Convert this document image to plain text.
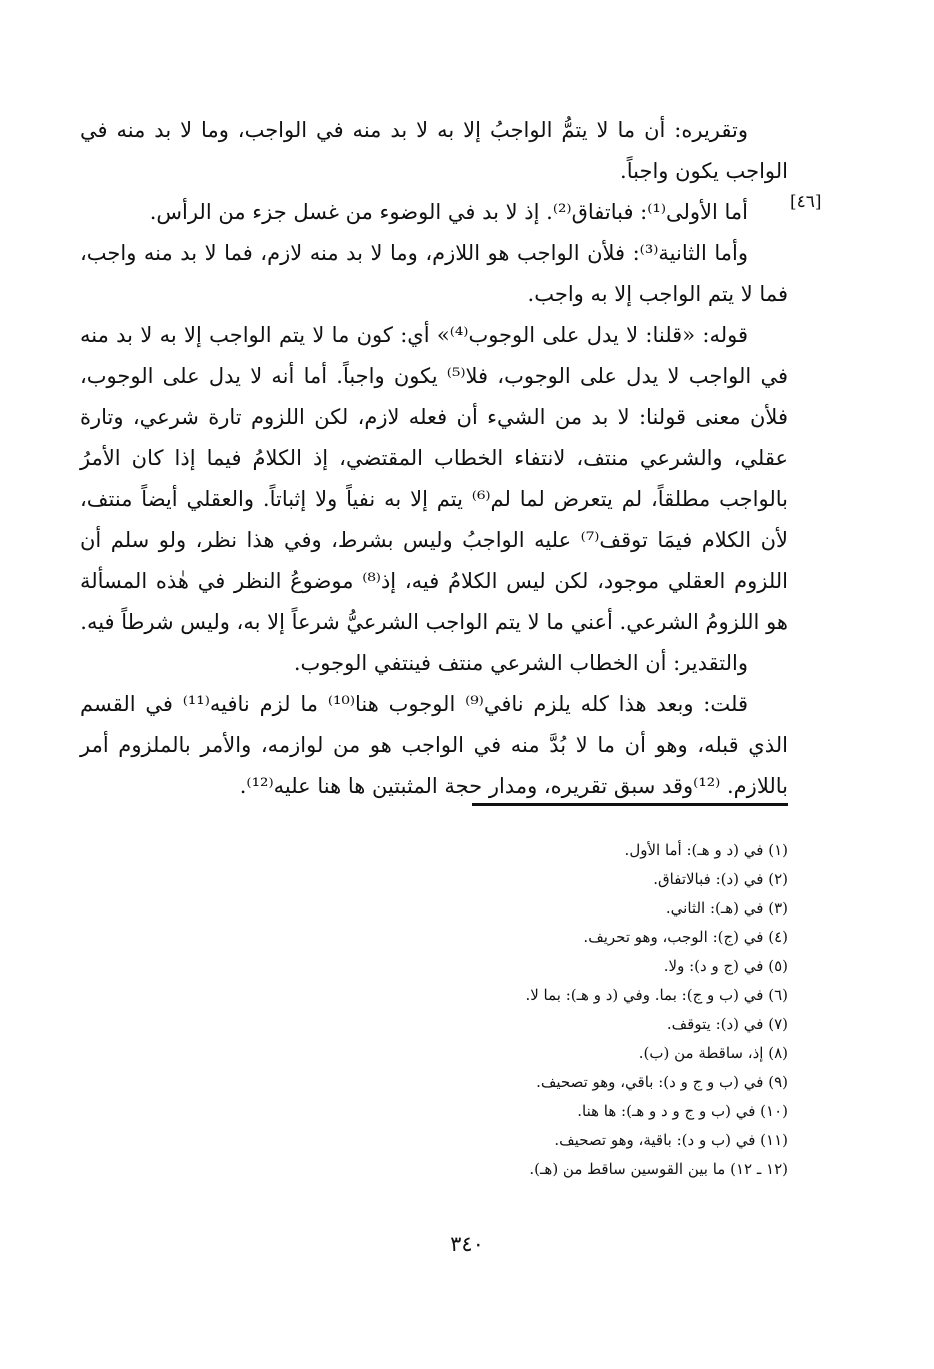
وتقريره: أن ما لا يتمُّ الواجبُ إلا به لا بد منه في الواجب، وما لا بد منه في الواجب يكون واجباً.

أما الأولى⁽¹⁾: فباتفاق⁽²⁾. إذ لا بد في الوضوء من غسل جزء من الرأس.

وأما الثانية⁽³⁾: فلأن الواجب هو اللازم، وما لا بد منه لازم، فما لا بد منه واجب، فما لا يتم الواجب إلا به واجب.

قوله: «قلنا: لا يدل على الوجوب⁽⁴⁾» أي: كون ما لا يتم الواجب إلا به لا بد منه في الواجب لا يدل على الوجوب، فلا⁽⁵⁾ يكون واجباً. أما أنه لا يدل على الوجوب، فلأن معنى قولنا: لا بد من الشيء أن فعله لازم، لكن اللزوم تارة شرعي، وتارة عقلي، والشرعي منتف، لانتفاء الخطاب المقتضي، إذ الكلامُ فيما إذا كان الأمرُ بالواجب مطلقاً، لم يتعرض لما لم⁽⁶⁾ يتم إلا به نفياً ولا إثباتاً. والعقلي أيضاً منتف، لأن الكلام فيمَا توقف⁽⁷⁾ عليه الواجبُ وليس بشرط، وفي هذا نظر، ولو سلم أن اللزوم العقلي موجود، لكن ليس الكلامُ فيه، إذ⁽⁸⁾ موضوعُ النظر في هٰذه المسألة هو اللزومُ الشرعي. أعني ما لا يتم الواجب الشرعيُّ شرعاً إلا به، وليس شرطاً فيه.

والتقدير: أن الخطاب الشرعي منتف فينتفي الوجوب.

قلت: وبعد هذا كله يلزم نافي⁽⁹⁾ الوجوب هنا⁽¹⁰⁾ ما لزم نافيه⁽¹¹⁾ في القسم الذي قبله، وهو أن ما لا بُدَّ منه في الواجب هو من لوازمه، والأمر بالملزوم أمر باللازم. ⁽¹²⁾وقد سبق تقريره، ومدار حجة المثبتين ها هنا عليه⁽¹²⁾.

[٤٦]
(١) في (د و هـ): أما الأول.
(٢) في (د): فبالاتفاق.
(٣) في (هـ): الثاني.
(٤) في (ج): الوجب، وهو تحريف.
(٥) في (ج و د): ولا.
(٦) في (ب و ج): بما. وفي (د و هـ): بما لا.
(٧) في (د): يتوقف.
(٨) إذ، ساقطة من (ب).
(٩) في (ب و ج و د): باقي، وهو تصحيف.
(١٠) في (ب و ج و د و هـ): ها هنا.
(١١) في (ب و د): باقية، وهو تصحيف.
(١٢ ـ ١٢) ما بين القوسين ساقط من (هـ).
٣٤٠
